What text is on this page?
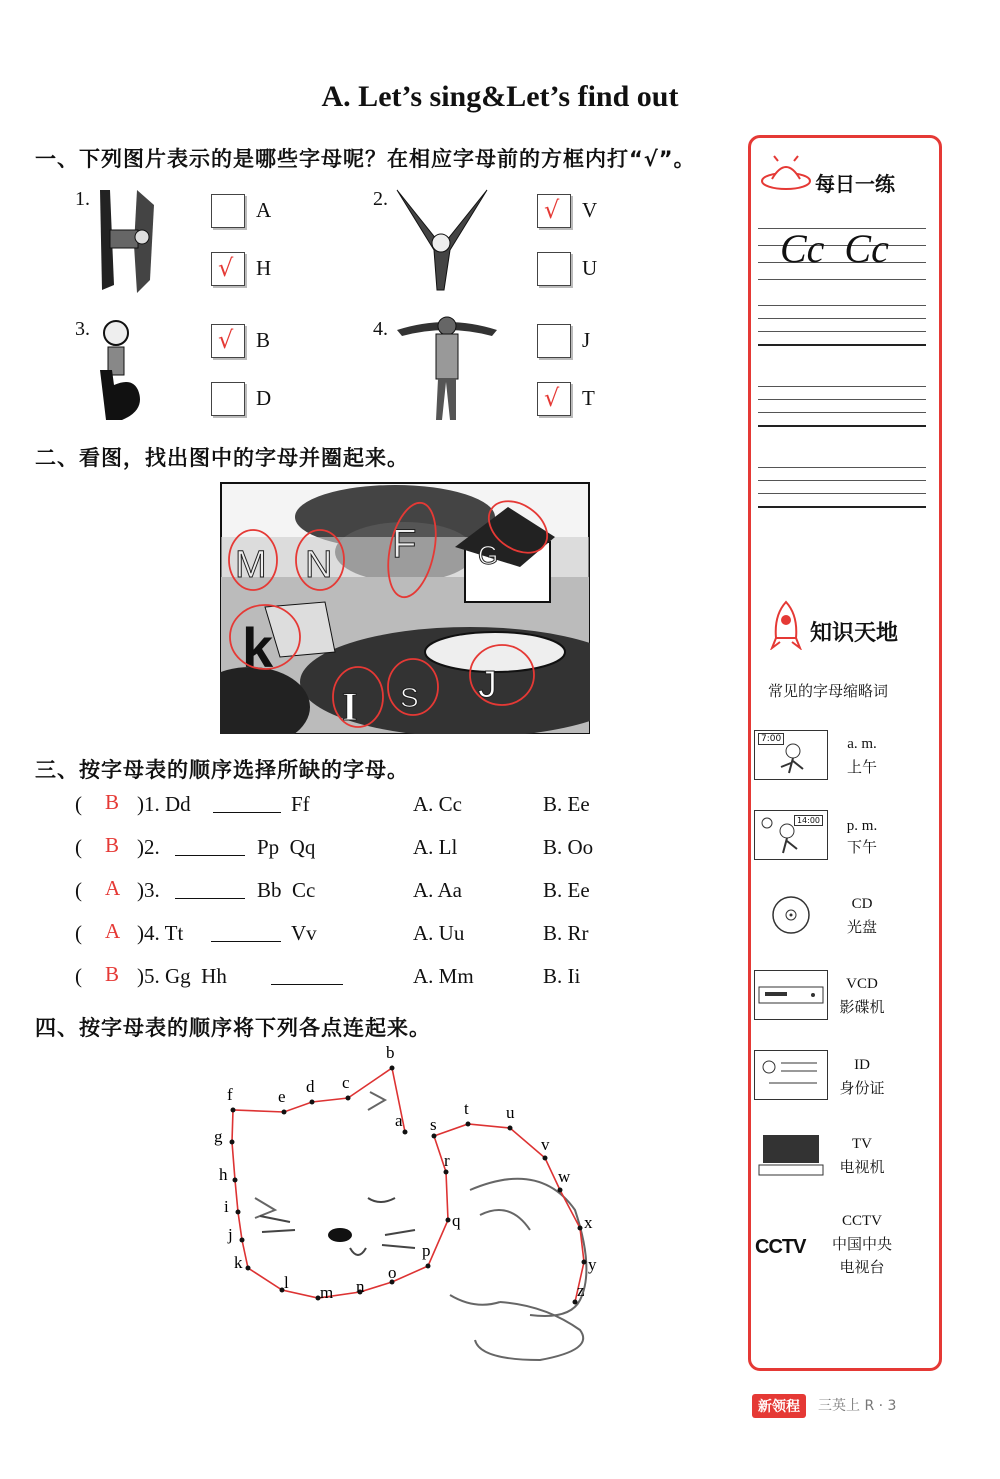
A. Let’s sing&Let’s find out
一、下列图片表示的是哪些字母呢？在相应字母前的方框内打“√”。
1.	A
√ H
2.	√ V
U
3.	√ B
D
4.	J
√ T
二、看图，找出图中的字母并圈起来。
M N F G
k
I S J
三、按字母表的顺序选择所缺的字母。
( B )1. Dd	Ff	A. Cc	B. Ee
( B )2.	Pp  Qq	A. Ll	B. Oo
( A )3.	Bb  Cc	A. Aa	B. Ee
( A )4. Tt	Vv	A. Uu	B. Rr
( B )5. Gg  Hh	A. Mm	B. Ii
四、按字母表的顺序将下列各点连起来。
a
b
c
d
e
f
g
h
i
j
k
l
m n
o
p
q
r
s
t u
v
w
x
y
z
每日一练
Cc  Cc
知识天地
常见的字母缩略词
7:00	a. m.
上午
14:00	p. m.
下午
CD
光盘
VCD
影碟机
ID
身份证
TV
电视机
CCTV
CCTV
中国中央
电视台
新领程	三英上 R · 3
